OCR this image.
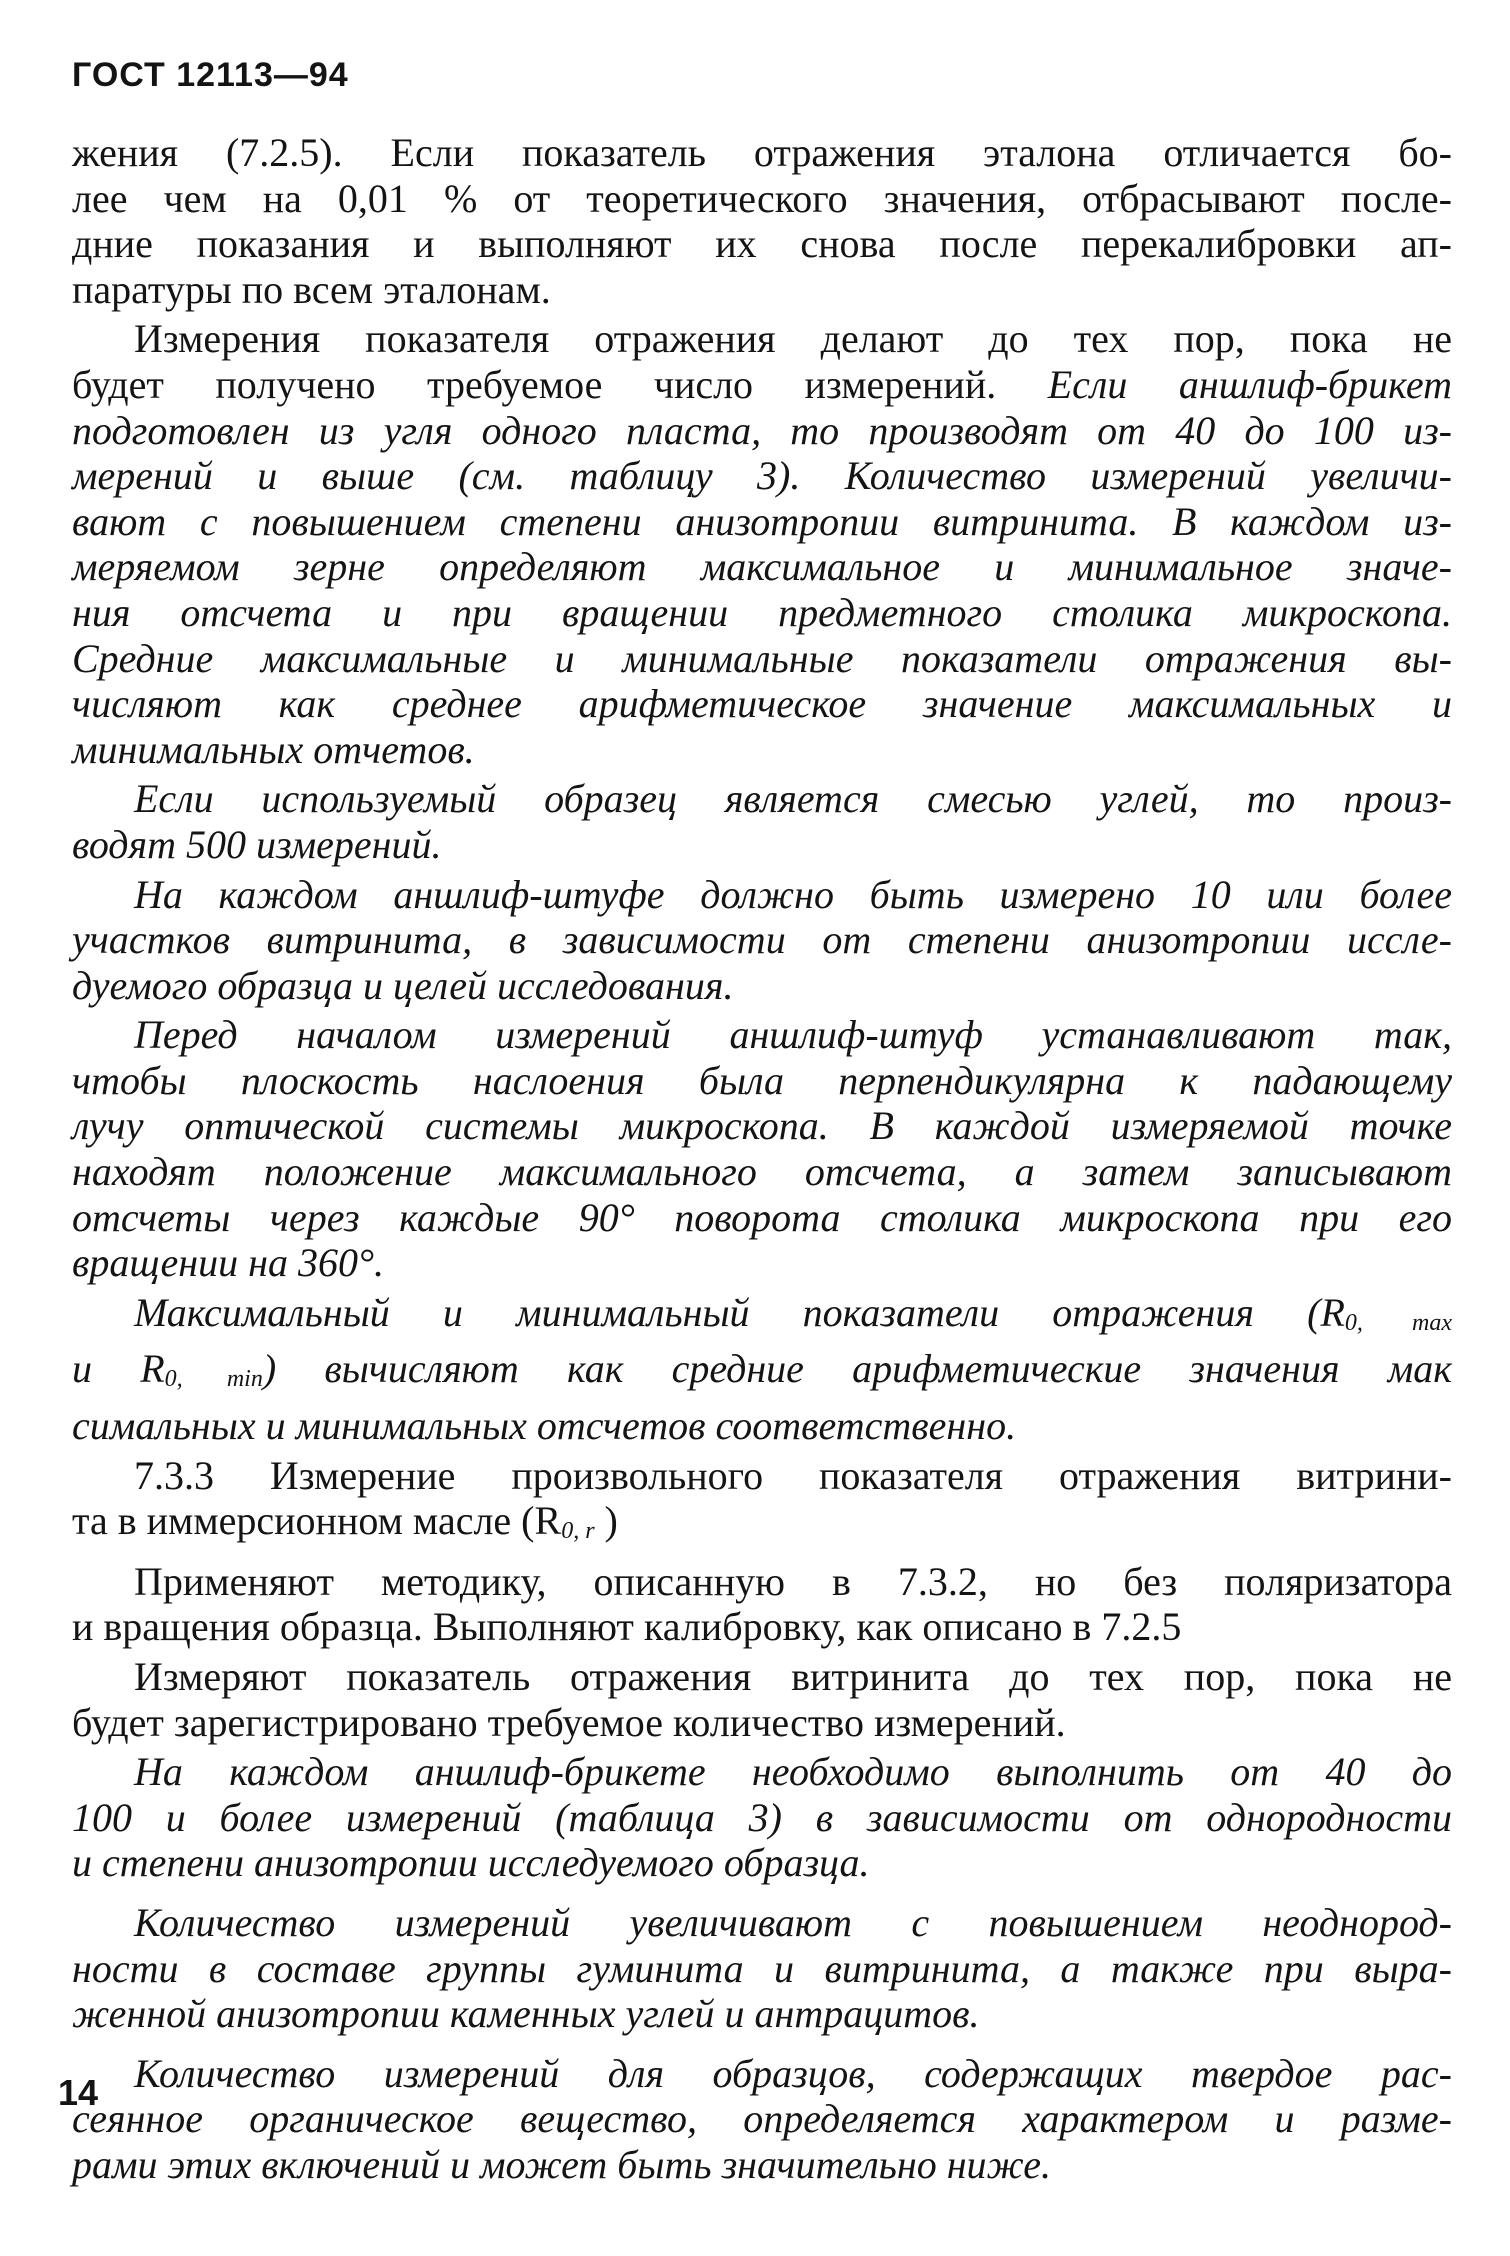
ГОСТ 12113—94
жения (7.2.5). Если показатель отражения эталона отличается бо-
лее чем на 0,01 % от теоретического значения, отбрасывают после-
дние показания и выполняют их снова после перекалибровки ап-
паратуры по всем эталонам.
Измерения показателя отражения делают до тех пор, пока не
будет получено требуемое число измерений. Если аншлиф-брикет
подготовлен из угля одного пласта, то производят от 40 до 100 из-
мерений и выше (см. таблицу 3). Количество измерений увеличи-
вают с повышением степени анизотропии витринита. В каждом из-
меряемом зерне определяют максимальное и минимальное значе-
ния отсчета и при вращении предметного столика микроскопа.
Средние максимальные и минимальные показатели отражения вы-
числяют как среднее арифметическое значение максимальных и
минимальных отчетов.
Если используемый образец является смесью углей, то произ-
водят 500 измерений.
На каждом аншлиф-штуфе должно быть измерено 10 или более
участков витринита, в зависимости от степени анизотропии иссле-
дуемого образца и целей исследования.
Перед началом измерений аншлиф-штуф устанавливают так,
чтобы плоскость наслоения была перпендикулярна к падающему
лучу оптической системы микроскопа. В каждой измеряемой точке
находят положение максимального отсчета, а затем записывают
отсчеты через каждые 90° поворота столика микроскопа при его
вращении на 360°.
Максимальный и минимальный показатели отражения ($R_{0, max}$
и $R_{0, min}$) вычисляют как средние арифметические значения мак
симальных и минимальных отсчетов соответственно.
7.3.3 Измерение произвольного показателя отражения витрини-
та в иммерсионном масле ($R_{0, r}$ )
Применяют методику, описанную в 7.3.2, но без поляризатора
и вращения образца. Выполняют калибровку, как описано в 7.2.5
Измеряют показатель отражения витринита до тех пор, пока не
будет зарегистрировано требуемое количество измерений.
На каждом аншлиф-брикете необходимо выполнить от 40 до
100 и более измерений (таблица 3) в зависимости от однородности
и степени анизотропии исследуемого образца.
Количество измерений увеличивают с повышением неоднород-
ности в составе группы гуминита и витринита, а также при выра-
женной анизотропии каменных углей и антрацитов.
Количество измерений для образцов, содержащих твердое рас-
сеянное органическое вещество, определяется характером и разме-
рами этих включений и может быть значительно ниже.
14
